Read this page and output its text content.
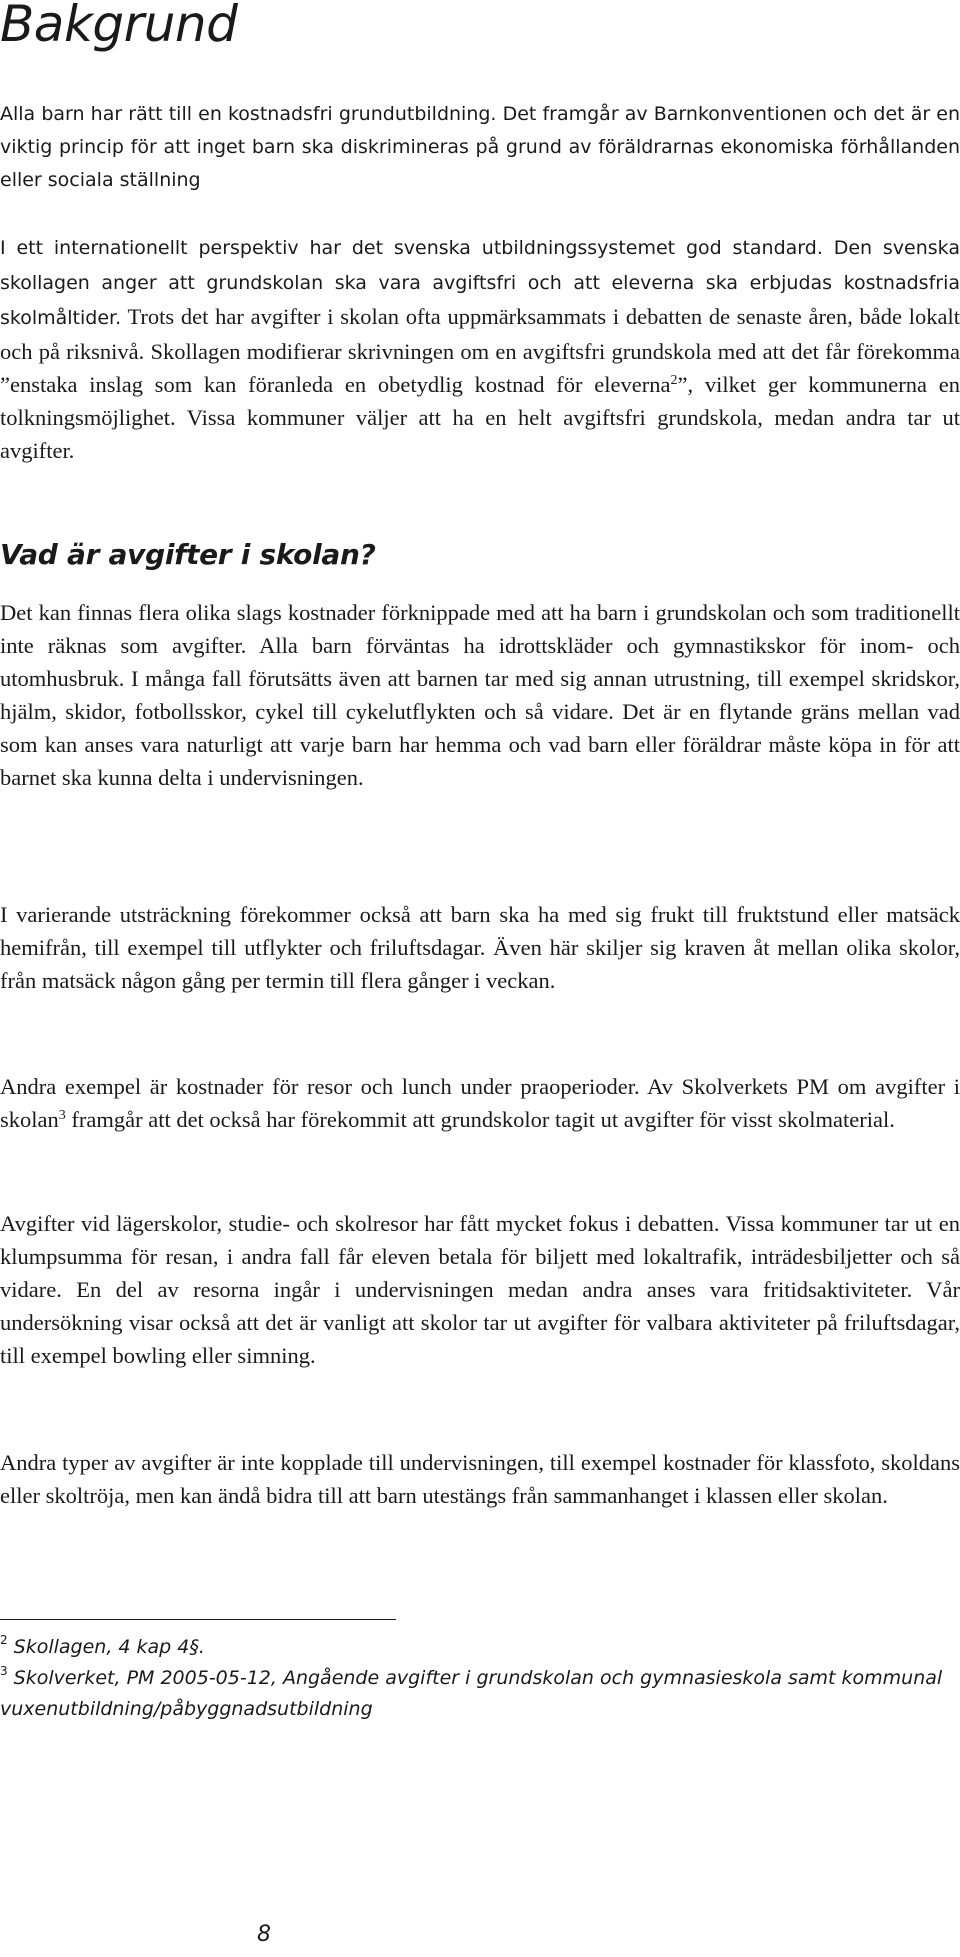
Bakgrund

Alla barn har rätt till en kostnadsfri grundutbildning. Det framgår av Barnkonventionen och det är en viktig princip för att inget barn ska diskrimineras på grund av föräldrarnas ekonomiska förhållanden eller sociala ställning

I ett internationellt perspektiv har det svenska utbildningssystemet god standard. Den svenska skollagen anger att grundskolan ska vara avgiftsfri och att eleverna ska erbjudas kostnadsfria skolmåltider. Trots det har avgifter i skolan ofta uppmärksammats i debatten de senaste åren, både lokalt och på riksnivå. Skollagen modifierar skrivningen om en avgiftsfri grundskola med att det får förekomma ”enstaka inslag som kan föranleda en obetydlig kostnad för eleverna$^2$”, vilket ger kommunerna en tolkningsmöjlighet. Vissa kommuner väljer att ha en helt avgiftsfri grundskola, medan andra tar ut avgifter.

Vad är avgifter i skolan?

Det kan finnas flera olika slags kostnader förknippade med att ha barn i grundskolan och som traditionellt inte räknas som avgifter. Alla barn förväntas ha idrottskläder och gymnastikskor för inom- och utomhusbruk. I många fall förutsätts även att barnen tar med sig annan utrustning, till exempel skridskor, hjälm, skidor, fotbollsskor, cykel till cykelutflykten och så vidare. Det är en flytande gräns mellan vad som kan anses vara naturligt att varje barn har hemma och vad barn eller föräldrar måste köpa in för att barnet ska kunna delta i undervisningen.

I varierande utsträckning förekommer också att barn ska ha med sig frukt till fruktstund eller matsäck hemifrån, till exempel till utflykter och friluftsdagar. Även här skiljer sig kraven åt mellan olika skolor, från matsäck någon gång per termin till flera gånger i veckan.

Andra exempel är kostnader för resor och lunch under praoperioder. Av Skolverkets PM om avgifter i skolan$^3$ framgår att det också har förekommit att grundskolor tagit ut avgifter för visst skolmaterial.

Avgifter vid lägerskolor, studie- och skolresor har fått mycket fokus i debatten. Vissa kommuner tar ut en klumpsumma för resan, i andra fall får eleven betala för biljett med lokaltrafik, inträdesbiljetter och så vidare. En del av resorna ingår i undervisningen medan andra anses vara fritidsaktiviteter. Vår undersökning visar också att det är vanligt att skolor tar ut avgifter för valbara aktiviteter på friluftsdagar, till exempel bowling eller simning.

Andra typer av avgifter är inte kopplade till undervisningen, till exempel kostnader för klassfoto, skoldans eller skoltröja, men kan ändå bidra till att barn utestängs från sammanhanget i klassen eller skolan.

$^2$ Skollagen, 4 kap 4§.

$^3$ Skolverket, PM 2005-05-12, Angående avgifter i grundskolan och gymnasieskola samt kommunal vuxenutbildning/påbyggnadsutbildning

8
